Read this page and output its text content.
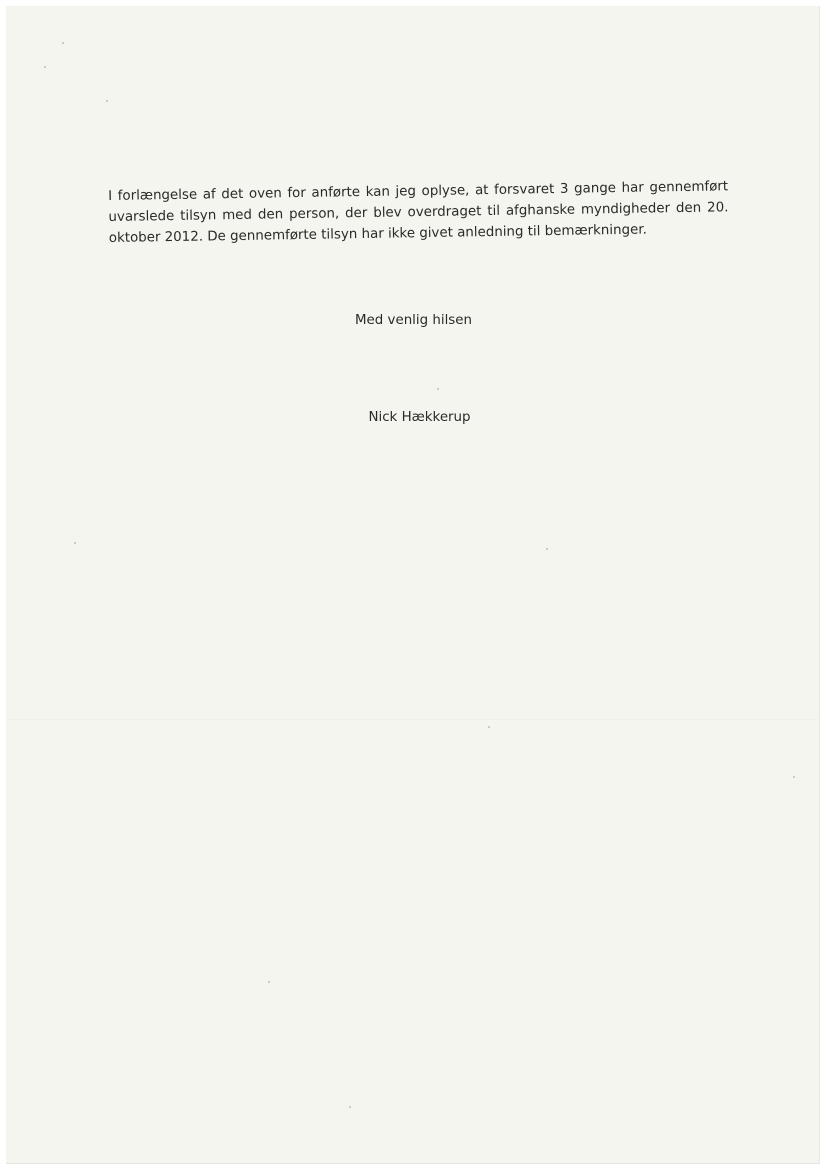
I forlængelse af det oven for anførte kan jeg oplyse, at forsvaret 3 gange har gennemført uvarslede tilsyn med den person, der blev overdraget til afghanske myndigheder den 20. oktober 2012. De gennemførte tilsyn har ikke givet anledning til bemærkninger.

Med venlig hilsen

Nick Hækkerup
